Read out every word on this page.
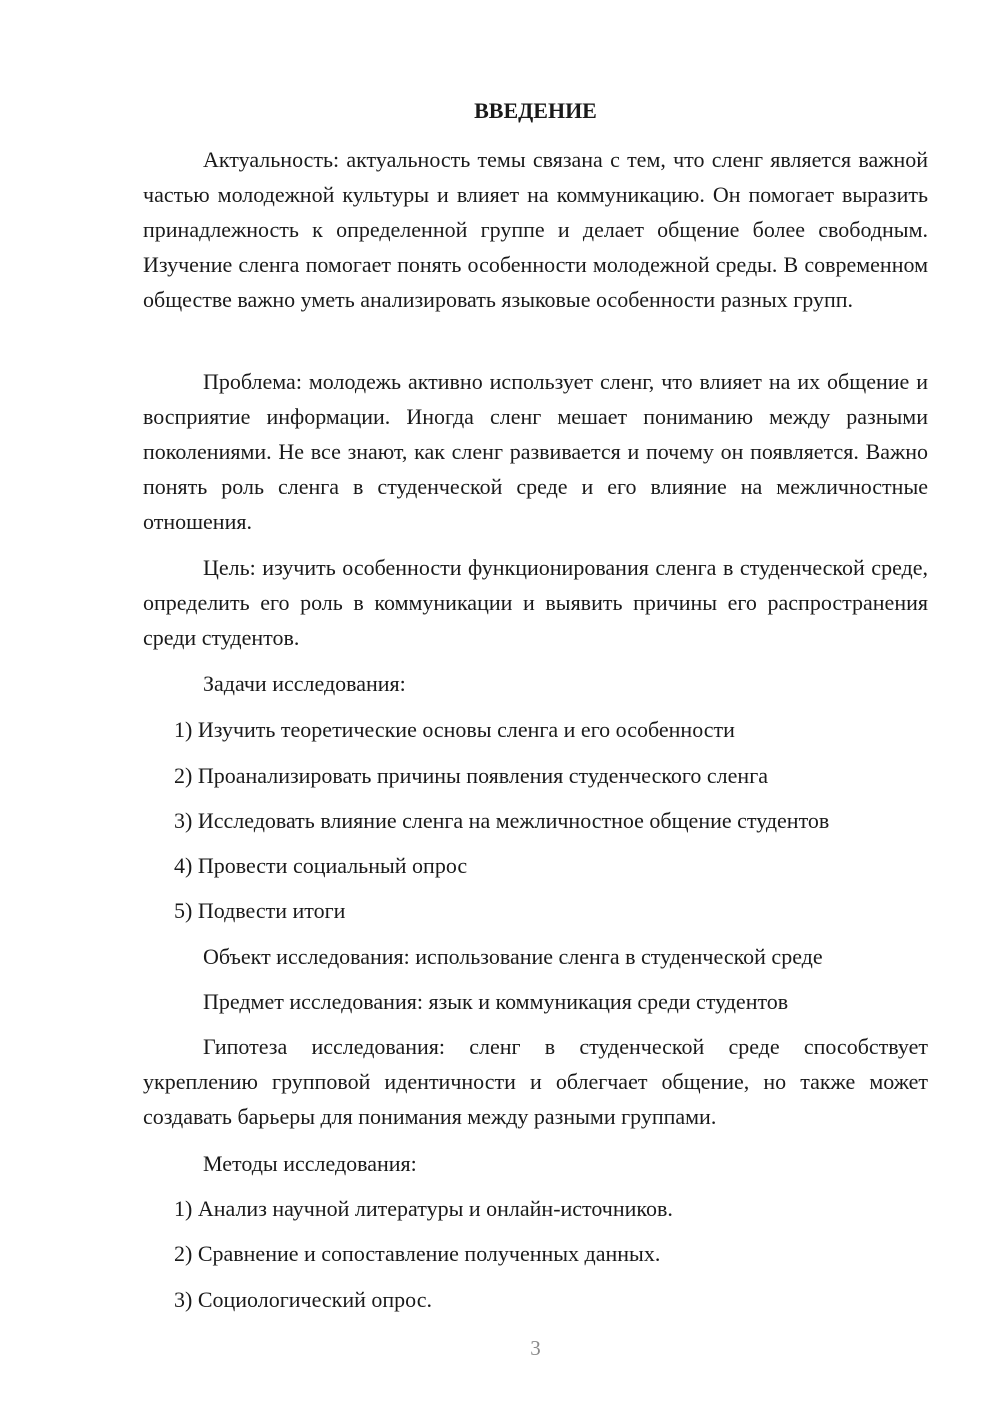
ВВЕДЕНИЕ

Актуальность: актуальность темы связана с тем, что сленг является важной частью молодежной культуры и влияет на коммуникацию. Он помогает выразить принадлежность к определенной группе и делает общение более свободным. Изучение сленга помогает понять особенности молодежной среды. В современном обществе важно уметь анализировать языковые особенности разных групп.

Проблема: молодежь активно использует сленг, что влияет на их общение и восприятие информации. Иногда сленг мешает пониманию между разными поколениями. Не все знают, как сленг развивается и почему он появляется. Важно понять роль сленга в студенческой среде и его влияние на межличностные отношения.

Цель: изучить особенности функционирования сленга в студенческой среде, определить его роль в коммуникации и выявить причины его распространения среди студентов.

Задачи исследования:

1) Изучить теоретические основы сленга и его особенности

2) Проанализировать причины появления студенческого сленга

3) Исследовать влияние сленга на межличностное общение студентов

4) Провести социальный опрос

5) Подвести итоги

Объект исследования: использование сленга в студенческой среде

Предмет исследования: язык и коммуникация среди студентов

Гипотеза исследования: сленг в студенческой среде способствует укреплению групповой идентичности и облегчает общение, но также может создавать барьеры для понимания между разными группами.

Методы исследования:

1) Анализ научной литературы и онлайн-источников.

2) Сравнение и сопоставление полученных данных.

3) Социологический опрос.

3
